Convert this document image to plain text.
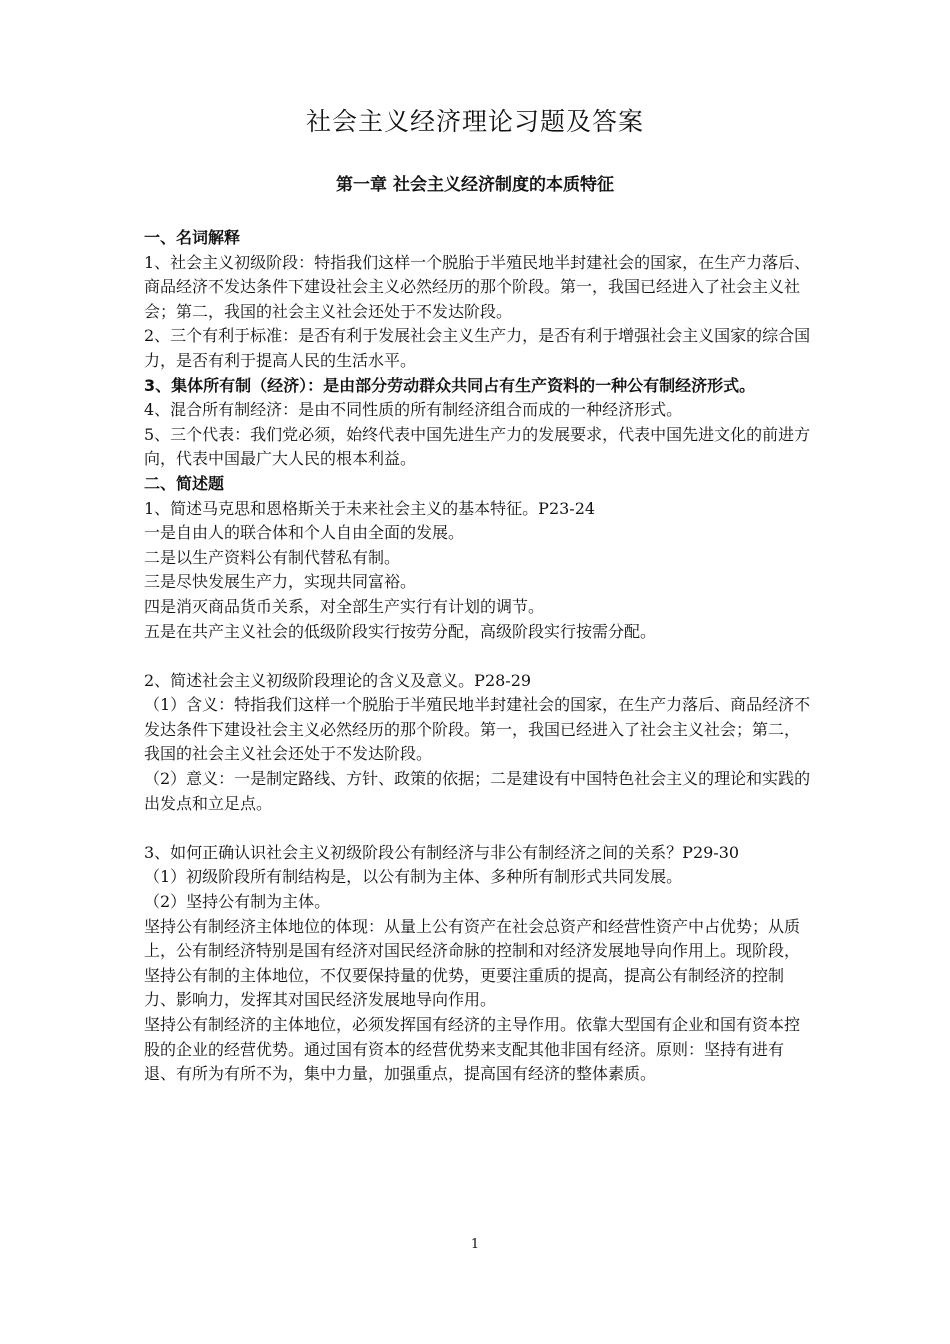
社会主义经济理论习题及答案
第一章 社会主义经济制度的本质特征

一、名词解释

1、社会主义初级阶段：特指我们这样一个脱胎于半殖民地半封建社会的国家，在生产力落后、商品经济不发达条件下建设社会主义必然经历的那个阶段。第一，我国已经进入了社会主义社会；第二，我国的社会主义社会还处于不发达阶段。

2、三个有利于标准：是否有利于发展社会主义生产力，是否有利于增强社会主义国家的综合国力，是否有利于提高人民的生活水平。

3、集体所有制（经济）：是由部分劳动群众共同占有生产资料的一种公有制经济形式。

4、混合所有制经济：是由不同性质的所有制经济组合而成的一种经济形式。

5、三个代表：我们党必须，始终代表中国先进生产力的发展要求，代表中国先进文化的前进方向，代表中国最广大人民的根本利益。

二、简述题

1、简述马克思和恩格斯关于未来社会主义的基本特征。P23-24

一是自由人的联合体和个人自由全面的发展。

二是以生产资料公有制代替私有制。

三是尽快发展生产力，实现共同富裕。

四是消灭商品货币关系，对全部生产实行有计划的调节。

五是在共产主义社会的低级阶段实行按劳分配，高级阶段实行按需分配。

2、简述社会主义初级阶段理论的含义及意义。P28-29

（1）含义：特指我们这样一个脱胎于半殖民地半封建社会的国家，在生产力落后、商品经济不发达条件下建设社会主义必然经历的那个阶段。第一，我国已经进入了社会主义社会；第二，我国的社会主义社会还处于不发达阶段。

（2）意义：一是制定路线、方针、政策的依据；二是建设有中国特色社会主义的理论和实践的出发点和立足点。

3、如何正确认识社会主义初级阶段公有制经济与非公有制经济之间的关系？P29-30

（1）初级阶段所有制结构是，以公有制为主体、多种所有制形式共同发展。

（2）坚持公有制为主体。

坚持公有制经济主体地位的体现：从量上公有资产在社会总资产和经营性资产中占优势；从质上，公有制经济特别是国有经济对国民经济命脉的控制和对经济发展地导向作用上。现阶段，坚持公有制的主体地位，不仅要保持量的优势，更要注重质的提高，提高公有制经济的控制力、影响力，发挥其对国民经济发展地导向作用。

坚持公有制经济的主体地位，必须发挥国有经济的主导作用。依靠大型国有企业和国有资本控股的企业的经营优势。通过国有资本的经营优势来支配其他非国有经济。原则：坚持有进有退、有所为有所不为，集中力量，加强重点，提高国有经济的整体素质。

1
